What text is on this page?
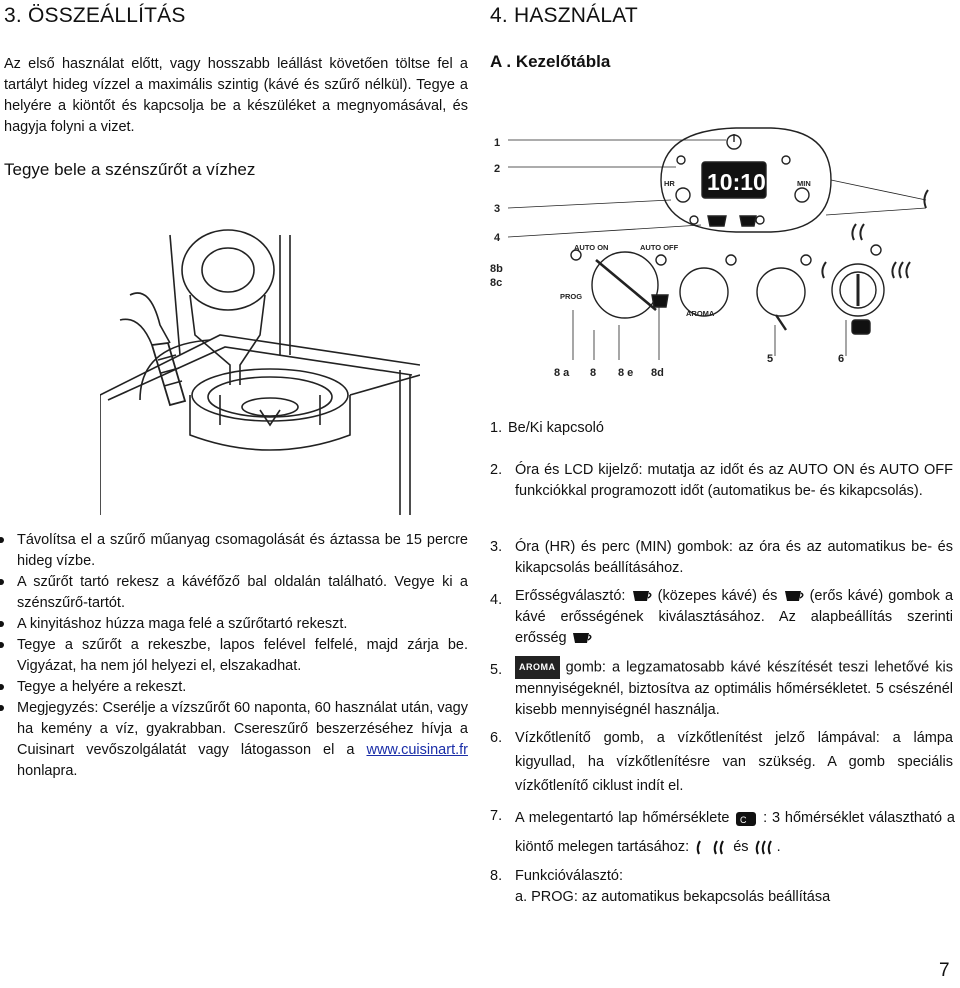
3. ÖSSZEÁLLÍTÁS
Az első használat előtt, vagy hosszabb leállást követően töltse fel a tartályt hideg vízzel a maximális szintig (kávé és szűrő nélkül). Tegye a helyére a kiöntőt és kapcsolja be a készüléket a megnyomásával, és hagyja folyni a vizet.
Tegye bele a szénszűrőt a vízhez
Távolítsa el a szűrő műanyag csomagolását és áztassa be 15 percre hideg vízbe.
A szűrőt tartó rekesz a kávéfőző bal oldalán található. Vegye ki a szénszűrő-tartót.
A kinyitáshoz húzza maga felé a szűrőtartó rekeszt.
Tegye a szűrőt a rekeszbe, lapos felével felfelé, majd zárja be. Vigyázat, ha nem jól helyezi el, elszakadhat.
Tegye a helyére a rekeszt.
Megjegyzés: Cserélje a vízszűrőt 60 naponta, 60 használat után, vagy ha kemény a víz, gyakrabban. Csereszűrő beszerzéséhez hívja a Cuisinart vevőszolgálatát vagy látogasson el a www.cuisinart.fr honlapra.
4. HASZNÁLAT
A . Kezelőtábla
1
2
3
4
8b
8c
10:10
HR	MIN
AUTO ON	AUTO OFF
PROG
AROMA
8 a 8 8 e 8d
5	6
1. Be/Ki kapcsoló
2. Óra és LCD kijelző: mutatja az időt és az AUTO ON és AUTO OFF funkciókkal programozott időt (automatikus be- és kikapcsolás).
3. Óra (HR) és perc (MIN) gombok: az óra és az automatikus be- és kikapcsolás beállításához.
4. Erősségválasztó: (közepes kávé) és (erős kávé) gombok a kávé erősségének kiválasztásához. Az alapbeállítás szerinti erősség
5.	AROMA gomb: a legzamatosabb kávé készítését teszi lehetővé kis mennyiségeknél, biztosítva az optimális hőmérsékletet. 5 csészénél kisebb mennyiségnél használja.
6. Vízkőtlenítő gomb, a vízkőtlenítést jelző lámpával: a lámpa kigyullad, ha vízkőtlenítésre van szükség. A gomb speciális vízkőtlenítő ciklust indít el.
7. A melegentartó lap hőmérséklete C : 3 hőmérséklet választható a kiöntő melegen tartásához:	és .
8. Funkcióválasztó:
a. PROG: az automatikus bekapcsolás beállítása
7
